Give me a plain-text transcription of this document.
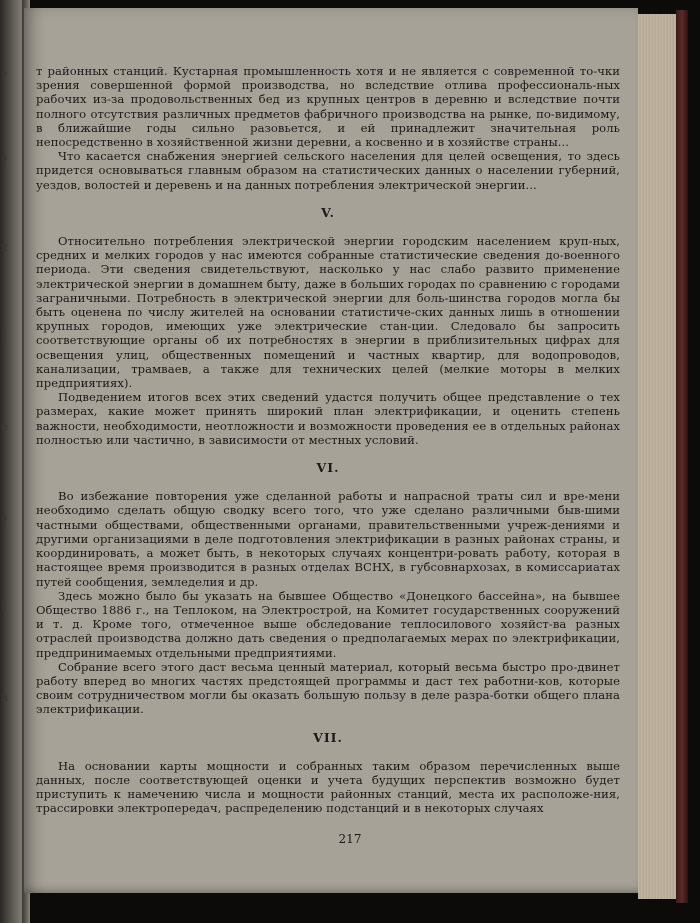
r
s
x
i
e
s
t
a

т районных станций. Кустарная промышленность хотя и не является с современной то-чки зрения совершенной формой производства, но вследствие отлива профессиональ-ных рабочих из-за продовольственных бед из крупных центров в деревню и вследствие почти полного отсутствия различных предметов фабричного производства на рынке, по-видимому, в ближайшие годы сильно разовьется, и ей принадлежит значительная роль непосредственно в хозяйственной жизни деревни, а косвенно и в хозяйстве страны...

Что касается снабжения энергией сельского населения для целей освещения, то здесь придется основываться главным образом на статистических данных о населении губерний, уездов, волостей и деревень и на данных потребления электрической энергии...

V.

Относительно потребления электрической энергии городским населением круп-ных, средних и мелких городов у нас имеются собранные статистические сведения до-военного периода. Эти сведения свидетельствуют, насколько у нас слабо развито применение электрической энергии в домашнем быту, даже в больших городах по сравнению с городами заграничными. Потребность в электрической энергии для боль-шинства городов могла бы быть оценена по числу жителей на основании статистиче-ских данных лишь в отношении крупных городов, имеющих уже электрические стан-ции. Следовало бы запросить соответствующие органы об их потребностях в энергии в приблизительных цифрах для освещения улиц, общественных помещений и частных квартир, для водопроводов, канализации, трамваев, а также для технических целей (мелкие моторы в мелких предприятиях).

Подведением итогов всех этих сведений удастся получить общее представление о тех размерах, какие может принять широкий план электрификации, и оценить степень важности, необходимости, неотложности и возможности проведения ее в отдельных районах полностью или частично, в зависимости от местных условий.

VI.

Во избежание повторения уже сделанной работы и напрасной траты сил и вре-мени необходимо сделать общую сводку всего того, что уже сделано различными быв-шими частными обществами, общественными органами, правительственными учреж-дениями и другими организациями в деле подготовления электрификации в разных районах страны, и координировать, а может быть, в некоторых случаях концентри-ровать работу, которая в настоящее время производится в разных отделах ВСНХ, в губсовнархозах, в комиссариатах путей сообщения, земледелия и др.

Здесь можно было бы указать на бывшее Общество «Донецкого бассейна», на бывшее Общество 1886 г., на Теплоком, на Электрострой, на Комитет государственных сооружений и т. д. Кроме того, отмеченное выше обследование теплосилового хозяйст-ва разных отраслей производства должно дать сведения о предполагаемых мерах по электрификации, предпринимаемых отдельными предприятиями.

Собрание всего этого даст весьма ценный материал, который весьма быстро про-двинет работу вперед во многих частях предстоящей программы и даст тех работни-ков, которые своим сотрудничеством могли бы оказать большую пользу в деле разра-ботки общего плана электрификации.

VII.

На основании карты мощности и собранных таким образом перечисленных выше данных, после соответствующей оценки и учета будущих перспектив возможно будет приступить к намечению числа и мощности районных станций, места их расположе-ния, трассировки электропередач, распределению подстанций и в некоторых случаях

217
